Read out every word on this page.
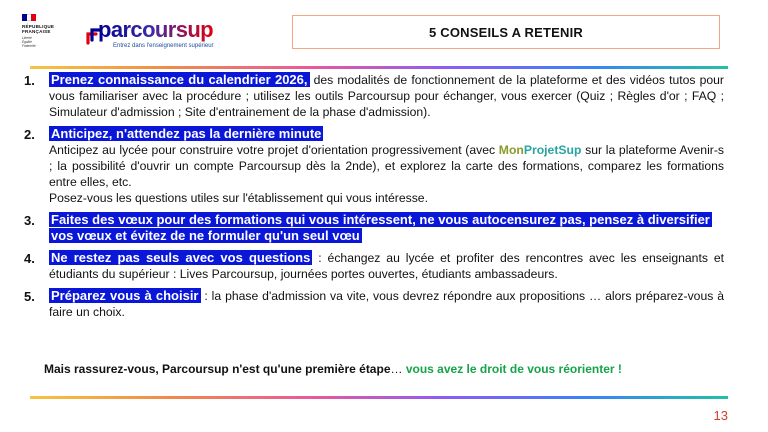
RÉPUBLIQUE
FRANÇAISE
Liberté
Égalité
Fraternité
parcoursup
Entrez dans l'enseignement supérieur
5 CONSEILS A RETENIR
1. Prenez connaissance du calendrier 2026, des modalités de fonctionnement de la plateforme et des vidéos tutos pour vous familiariser avec la procédure ; utilisez les outils Parcoursup pour échanger, vous exercer (Quiz ; Règles d'or ; FAQ ; Simulateur d'admission ; Site d'entrainement de la phase d'admission).
2. Anticipez, n'attendez pas la dernière minute
Anticipez au lycée pour construire votre projet d'orientation progressivement (avec MonProjetSup sur la plateforme Avenir-s ; la possibilité d'ouvrir un compte Parcoursup dès la 2nde), et explorez la carte des formations, comparez les formations entre elles, etc.
Posez-vous les questions utiles sur l'établissement qui vous intéresse.
3. Faites des vœux pour des formations qui vous intéressent, ne vous autocensurez pas, pensez à diversifier vos vœux et évitez de ne formuler qu'un seul vœu
4. Ne restez pas seuls avec vos questions : échangez au lycée et profiter des rencontres avec les enseignants et étudiants du supérieur : Lives Parcoursup, journées portes ouvertes, étudiants ambassadeurs.
5. Préparez vous à choisir : la phase d'admission va vite, vous devrez répondre aux propositions … alors préparez-vous à faire un choix.
Mais rassurez-vous, Parcoursup n'est qu'une première étape… vous avez le droit de vous réorienter !
13
